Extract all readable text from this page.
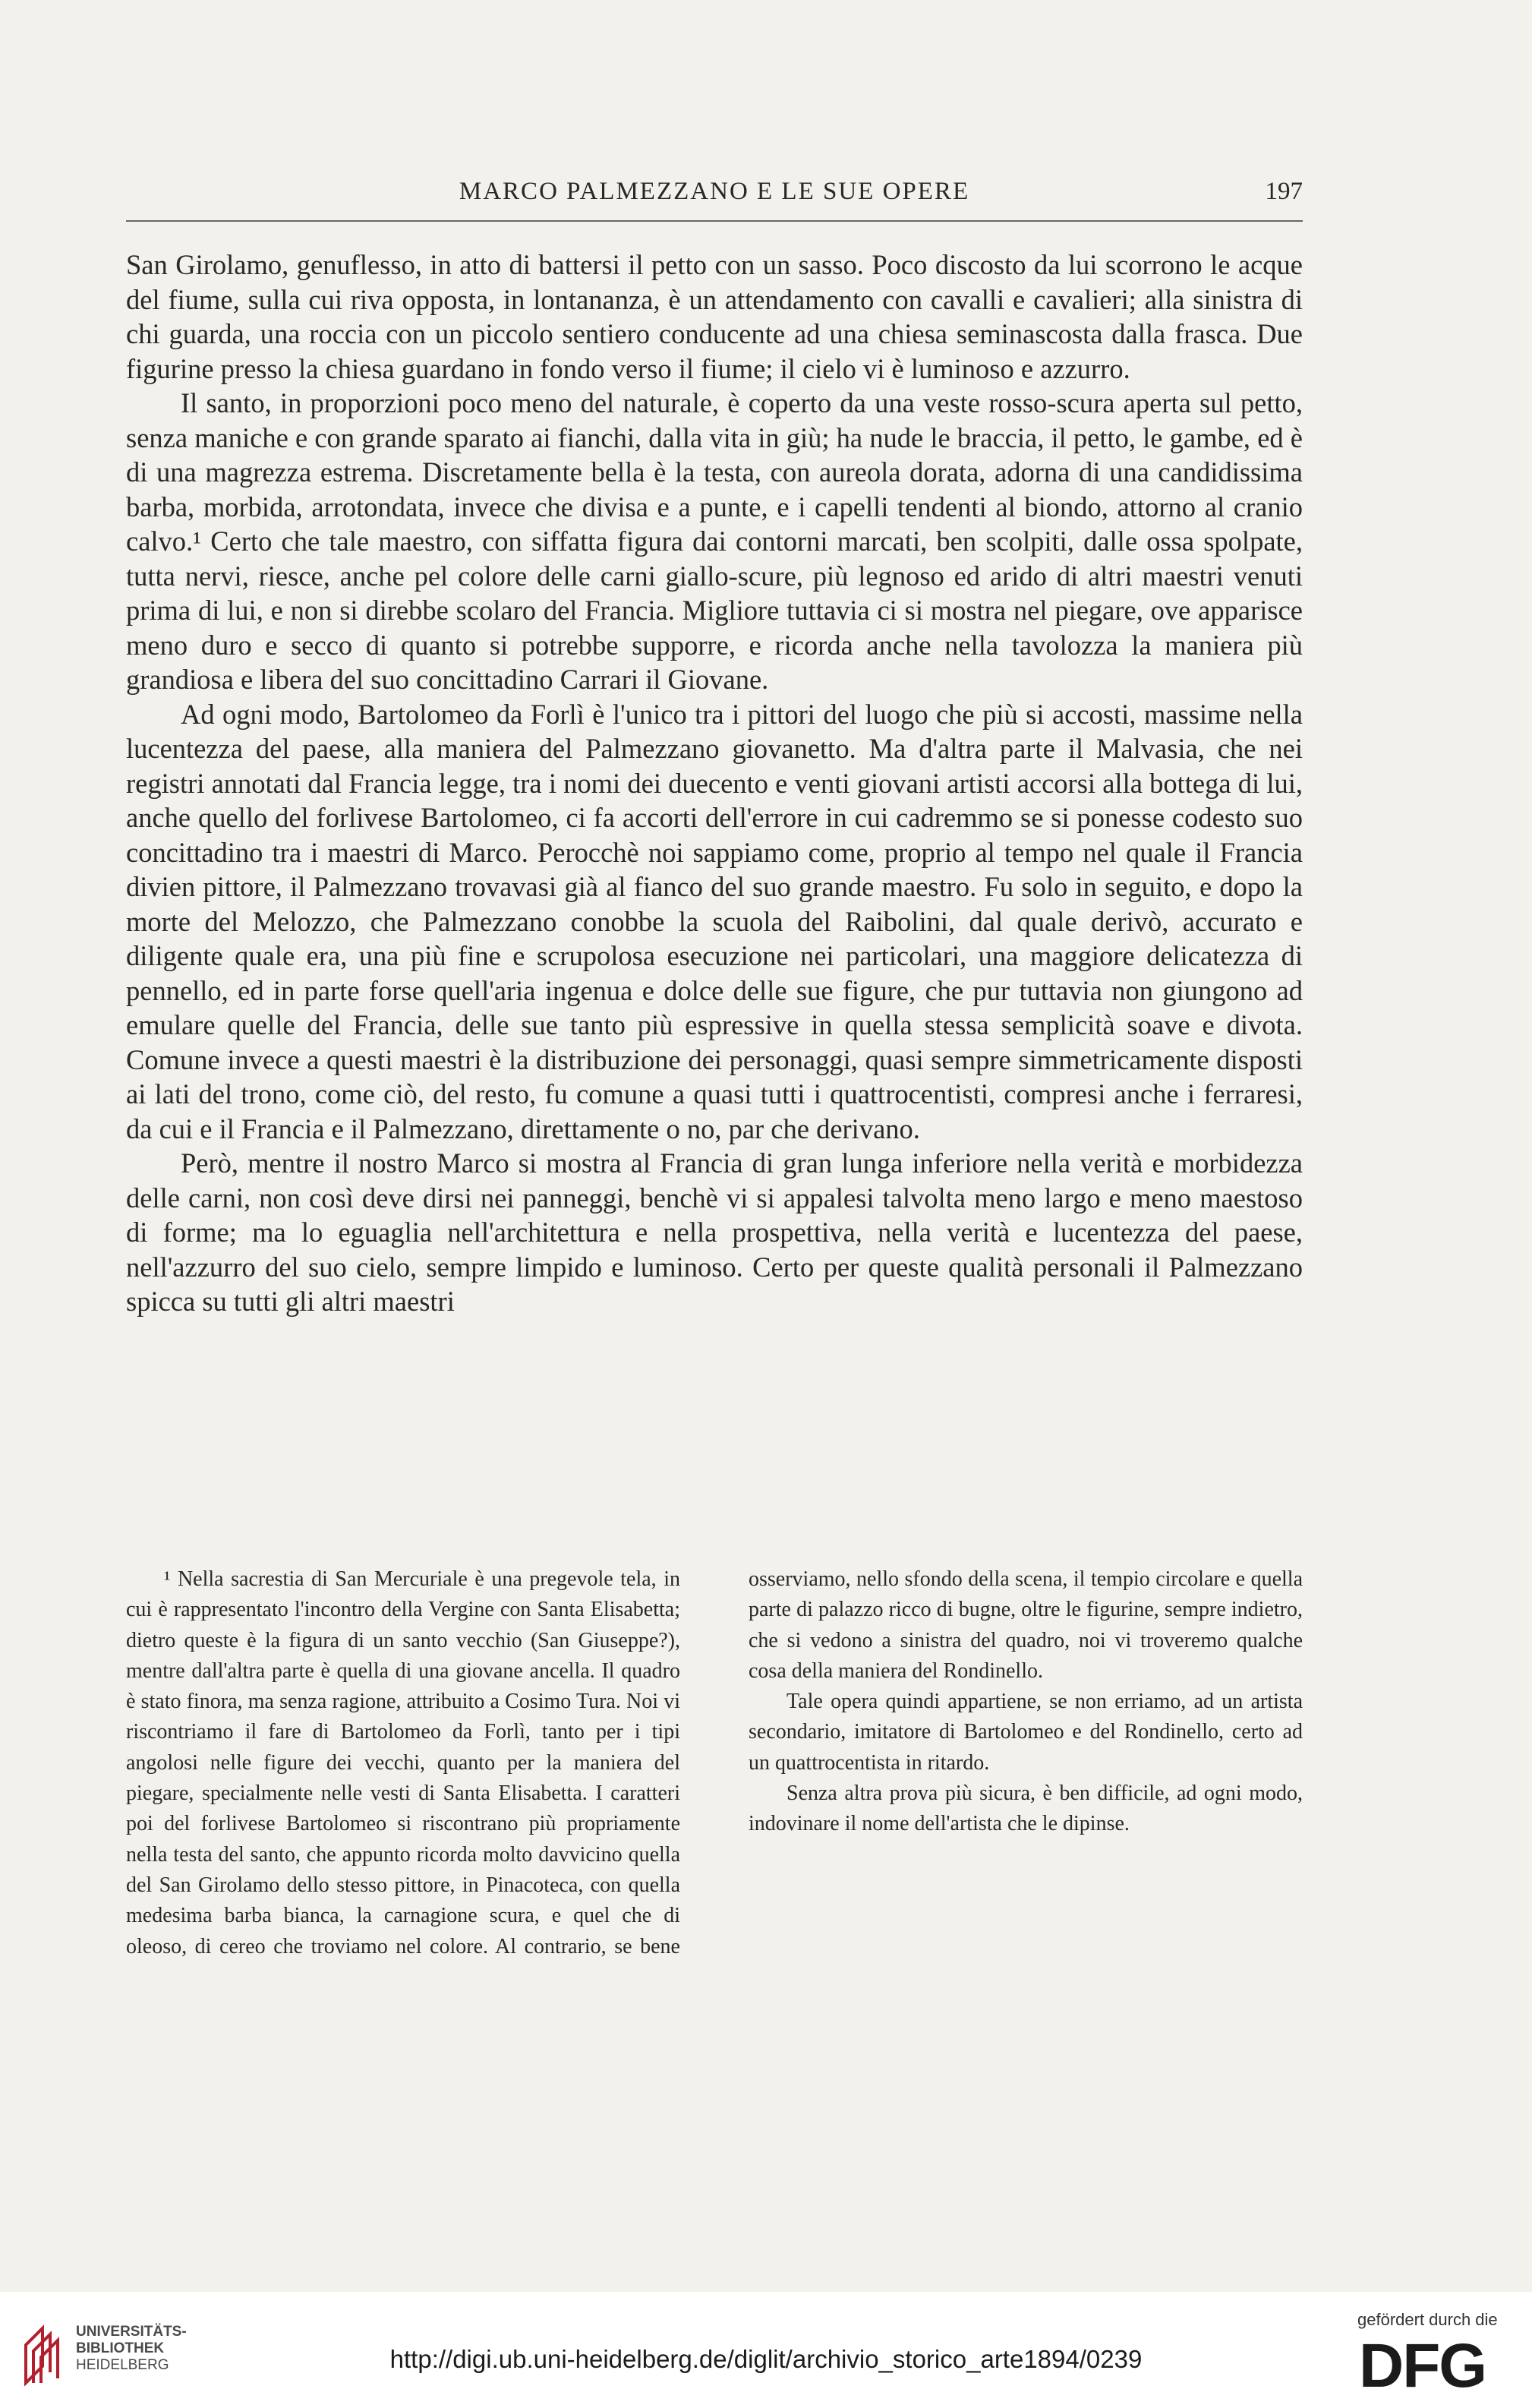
MARCO PALMEZZANO E LE SUE OPERE	197

San Girolamo, genuflesso, in atto di battersi il petto con un sasso. Poco discosto da lui scorrono le acque del fiume, sulla cui riva opposta, in lontananza, è un attendamento con cavalli e cavalieri; alla sinistra di chi guarda, una roccia con un piccolo sentiero conducente ad una chiesa seminascosta dalla frasca. Due figurine presso la chiesa guardano in fondo verso il fiume; il cielo vi è luminoso e azzurro.

Il santo, in proporzioni poco meno del naturale, è coperto da una veste rosso-scura aperta sul petto, senza maniche e con grande sparato ai fianchi, dalla vita in giù; ha nude le braccia, il petto, le gambe, ed è di una magrezza estrema. Discretamente bella è la testa, con aureola dorata, adorna di una candidissima barba, morbida, arrotondata, invece che divisa e a punte, e i capelli tendenti al biondo, attorno al cranio calvo.¹ Certo che tale maestro, con siffatta figura dai contorni marcati, ben scolpiti, dalle ossa spolpate, tutta nervi, riesce, anche pel colore delle carni giallo-scure, più legnoso ed arido di altri maestri venuti prima di lui, e non si direbbe scolaro del Francia. Migliore tuttavia ci si mostra nel piegare, ove apparisce meno duro e secco di quanto si potrebbe supporre, e ricorda anche nella tavolozza la maniera più grandiosa e libera del suo concittadino Carrari il Giovane.

Ad ogni modo, Bartolomeo da Forlì è l'unico tra i pittori del luogo che più si accosti, massime nella lucentezza del paese, alla maniera del Palmezzano giovanetto. Ma d'altra parte il Malvasia, che nei registri annotati dal Francia legge, tra i nomi dei duecento e venti giovani artisti accorsi alla bottega di lui, anche quello del forlivese Bartolomeo, ci fa accorti dell'errore in cui cadremmo se si ponesse codesto suo concittadino tra i maestri di Marco. Perocchè noi sappiamo come, proprio al tempo nel quale il Francia divien pittore, il Palmezzano trovavasi già al fianco del suo grande maestro. Fu solo in seguito, e dopo la morte del Melozzo, che Palmezzano conobbe la scuola del Raibolini, dal quale derivò, accurato e diligente quale era, una più fine e scrupolosa esecuzione nei particolari, una maggiore delicatezza di pennello, ed in parte forse quell'aria ingenua e dolce delle sue figure, che pur tuttavia non giungono ad emulare quelle del Francia, delle sue tanto più espressive in quella stessa semplicità soave e divota. Comune invece a questi maestri è la distribuzione dei personaggi, quasi sempre simmetricamente disposti ai lati del trono, come ciò, del resto, fu comune a quasi tutti i quattrocentisti, compresi anche i ferraresi, da cui e il Francia e il Palmezzano, direttamente o no, par che derivano.

Però, mentre il nostro Marco si mostra al Francia di gran lunga inferiore nella verità e morbidezza delle carni, non così deve dirsi nei panneggi, benchè vi si appalesi talvolta meno largo e meno maestoso di forme; ma lo eguaglia nell'architettura e nella prospettiva, nella verità e lucentezza del paese, nell'azzurro del suo cielo, sempre limpido e luminoso. Certo per queste qualità personali il Palmezzano spicca su tutti gli altri maestri

¹ Nella sacrestia di San Mercuriale è una pregevole tela, in cui è rappresentato l'incontro della Vergine con Santa Elisabetta; dietro queste è la figura di un santo vecchio (San Giuseppe?), mentre dall'altra parte è quella di una giovane ancella. Il quadro è stato finora, ma senza ragione, attribuito a Cosimo Tura. Noi vi riscontriamo il fare di Bartolomeo da Forlì, tanto per i tipi angolosi nelle figure dei vecchi, quanto per la maniera del piegare, specialmente nelle vesti di Santa Elisabetta. I caratteri poi del forlivese Bartolomeo si riscontrano più propriamente nella testa del santo, che appunto ricorda molto davvicino quella del San Girolamo dello stesso pittore, in Pinacoteca, con quella medesima barba bianca, la carnagione scura, e quel che di oleoso, di cereo che troviamo nel colore. Al contrario, se bene osserviamo, nello sfondo della scena, il tempio circolare e quella parte di palazzo ricco di bugne, oltre le figurine, sempre indietro, che si vedono a sinistra del quadro, noi vi troveremo qualche cosa della maniera del Rondinello.

Tale opera quindi appartiene, se non erriamo, ad un artista secondario, imitatore di Bartolomeo e del Rondinello, certo ad un quattrocentista in ritardo.

Senza altra prova più sicura, è ben difficile, ad ogni modo, indovinare il nome dell'artista che le dipinse.

UNIVERSITÄTS-
BIBLIOTHEK
HEIDELBERG	http://digi.ub.uni-heidelberg.de/diglit/archivio_storico_arte1894/0239
gefördert durch die
DFG
